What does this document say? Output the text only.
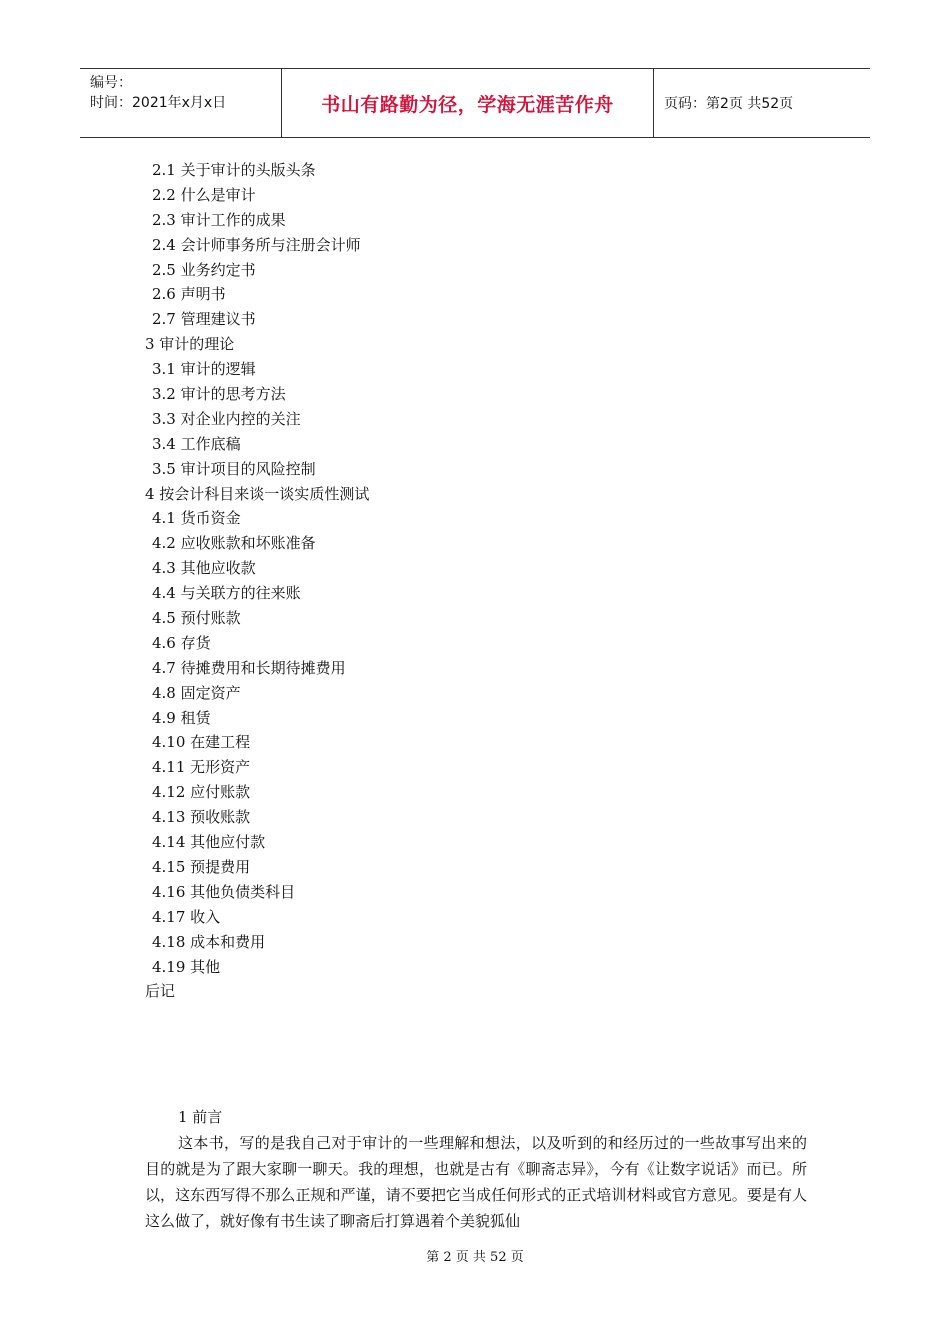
编号：
时间：2021年x月x日	书山有路勤为径，学海无涯苦作舟	页码：第2页 共52页
2.1 关于审计的头版头条
2.2 什么是审计
2.3 审计工作的成果
2.4 会计师事务所与注册会计师
2.5 业务约定书
2.6 声明书
2.7 管理建议书
3 审计的理论
3.1 审计的逻辑
3.2 审计的思考方法
3.3 对企业内控的关注
3.4 工作底稿
3.5 审计项目的风险控制
4 按会计科目来谈一谈实质性测试
4.1 货币资金
4.2 应收账款和坏账准备
4.3 其他应收款
4.4 与关联方的往来账
4.5 预付账款
4.6 存货
4.7 待摊费用和长期待摊费用
4.8 固定资产
4.9 租赁
4.10 在建工程
4.11 无形资产
4.12 应付账款
4.13 预收账款
4.14 其他应付款
4.15 预提费用
4.16 其他负债类科目
4.17 收入
4.18 成本和费用
4.19 其他
后记
1 前言

这本书，写的是我自己对于审计的一些理解和想法，以及听到的和经历过的一些故事写出来的目的就是为了跟大家聊一聊天。我的理想，也就是古有《聊斋志异》，今有《让数字说话》而已。所以，这东西写得不那么正规和严谨，请不要把它当成任何形式的正式培训材料或官方意见。要是有人这么做了，就好像有书生读了聊斋后打算遇着个美貌狐仙

第 2 页 共 52 页
